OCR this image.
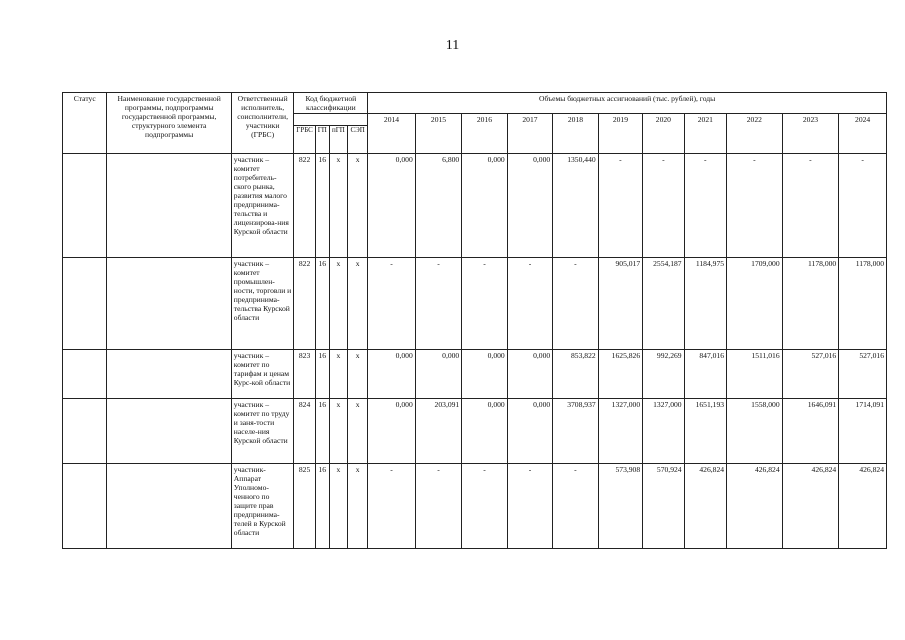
11
Статус	Наименование государственной программы, подпрограммы государственной программы, структурного элемента подпрограммы	Ответственный исполнитель, соисполнители, участники (ГРБС)	Код бюджетной классификации				Объемы бюджетных ассигнований (тыс. рублей), годы										
							2014	2015	2016	2017	2018	2019	2020	2021	2022	2023	2024
			ГРБС	ГП	пГП	СЭП											
		участник – комитет потребитель-ского рынка, развития малого предпринима-тельства и лицензирова-ния Курской области	822	16	x	x	0,000	6,800	0,000	0,000	1350,440	-	-	-	-	-	-
		участник – комитет промышлен-ности, торговли и предпринима-тельства Курской области	822	16	x	x	-	-	-	-	-	905,017	2554,187	1184,975	1709,000	1178,000	1178,000
		участник – комитет по тарифам и ценам Курс-кой области	823	16	x	x	0,000	0,000	0,000	0,000	853,822	1625,826	992,269	847,016	1511,016	527,016	527,016
		участник – комитет по труду и заня-тости населе-ния Курской области	824	16	x	x	0,000	203,091	0,000	0,000	3708,937	1327,000	1327,000	1651,193	1558,000	1646,091	1714,091
		участник-Аппарат Уполномо-ченного по защите прав предпринима-телей в Курской области	825	16	x	x	-	-	-	-	-	573,908	570,924	426,824	426,824	426,824	426,824
